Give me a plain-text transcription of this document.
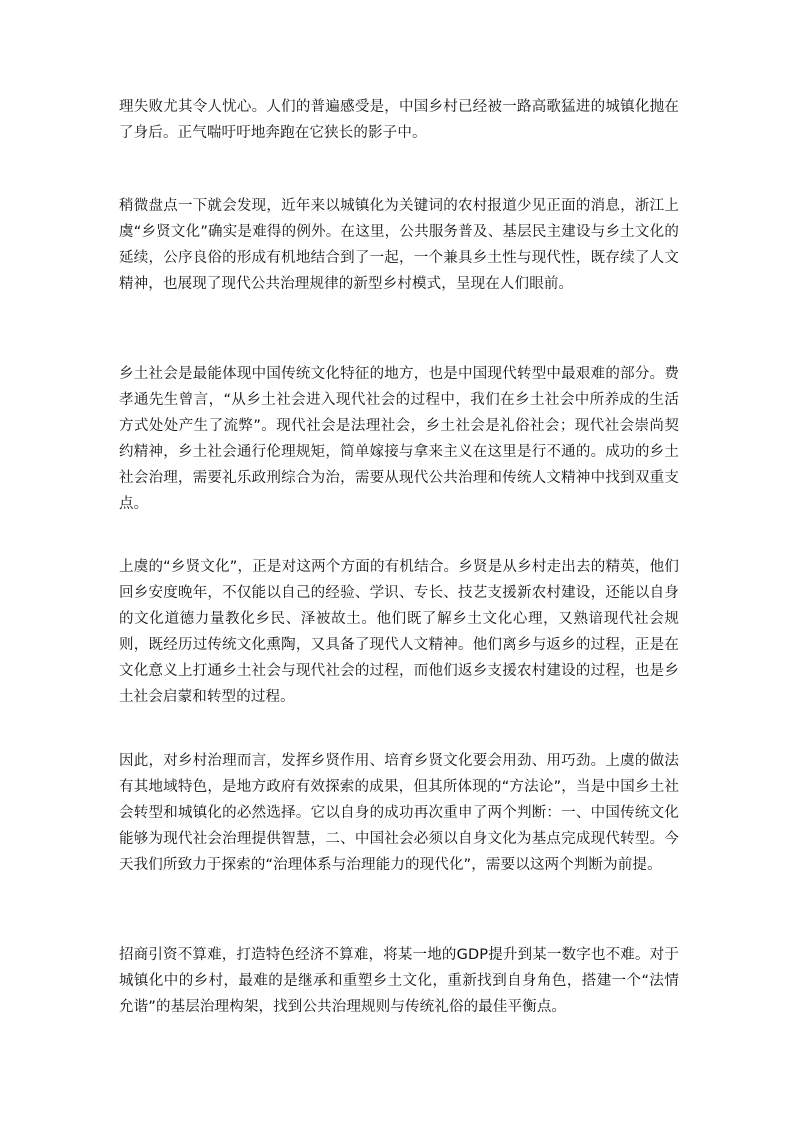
理失败尤其令人忧心。人们的普遍感受是，中国乡村已经被一路高歌猛进的城镇化抛在了身后。正气喘吁吁地奔跑在它狭长的影子中。

稍微盘点一下就会发现，近年来以城镇化为关键词的农村报道少见正面的消息，浙江上虞“乡贤文化”确实是难得的例外。在这里，公共服务普及、基层民主建设与乡土文化的延续，公序良俗的形成有机地结合到了一起，一个兼具乡土性与现代性，既存续了人文精神，也展现了现代公共治理规律的新型乡村模式，呈现在人们眼前。

乡土社会是最能体现中国传统文化特征的地方，也是中国现代转型中最艰难的部分。费孝通先生曾言，“从乡土社会进入现代社会的过程中，我们在乡土社会中所养成的生活方式处处产生了流弊”。现代社会是法理社会，乡土社会是礼俗社会；现代社会崇尚契约精神，乡土社会通行伦理规矩，简单嫁接与拿来主义在这里是行不通的。成功的乡土社会治理，需要礼乐政刑综合为治，需要从现代公共治理和传统人文精神中找到双重支点。

上虞的“乡贤文化”，正是对这两个方面的有机结合。乡贤是从乡村走出去的精英，他们回乡安度晚年，不仅能以自己的经验、学识、专长、技艺支援新农村建设，还能以自身的文化道德力量教化乡民、泽被故土。他们既了解乡土文化心理，又熟谙现代社会规则，既经历过传统文化熏陶，又具备了现代人文精神。他们离乡与返乡的过程，正是在文化意义上打通乡土社会与现代社会的过程，而他们返乡支援农村建设的过程，也是乡土社会启蒙和转型的过程。

因此，对乡村治理而言，发挥乡贤作用、培育乡贤文化要会用劲、用巧劲。上虞的做法有其地域特色，是地方政府有效探索的成果，但其所体现的“方法论”，当是中国乡土社会转型和城镇化的必然选择。它以自身的成功再次重申了两个判断：一、中国传统文化能够为现代社会治理提供智慧，二、中国社会必须以自身文化为基点完成现代转型。今天我们所致力于探索的“治理体系与治理能力的现代化”，需要以这两个判断为前提。

招商引资不算难，打造特色经济不算难，将某一地的GDP提升到某一数字也不难。对于城镇化中的乡村，最难的是继承和重塑乡土文化，重新找到自身角色，搭建一个“法情允谐”的基层治理构架，找到公共治理规则与传统礼俗的最佳平衡点。
